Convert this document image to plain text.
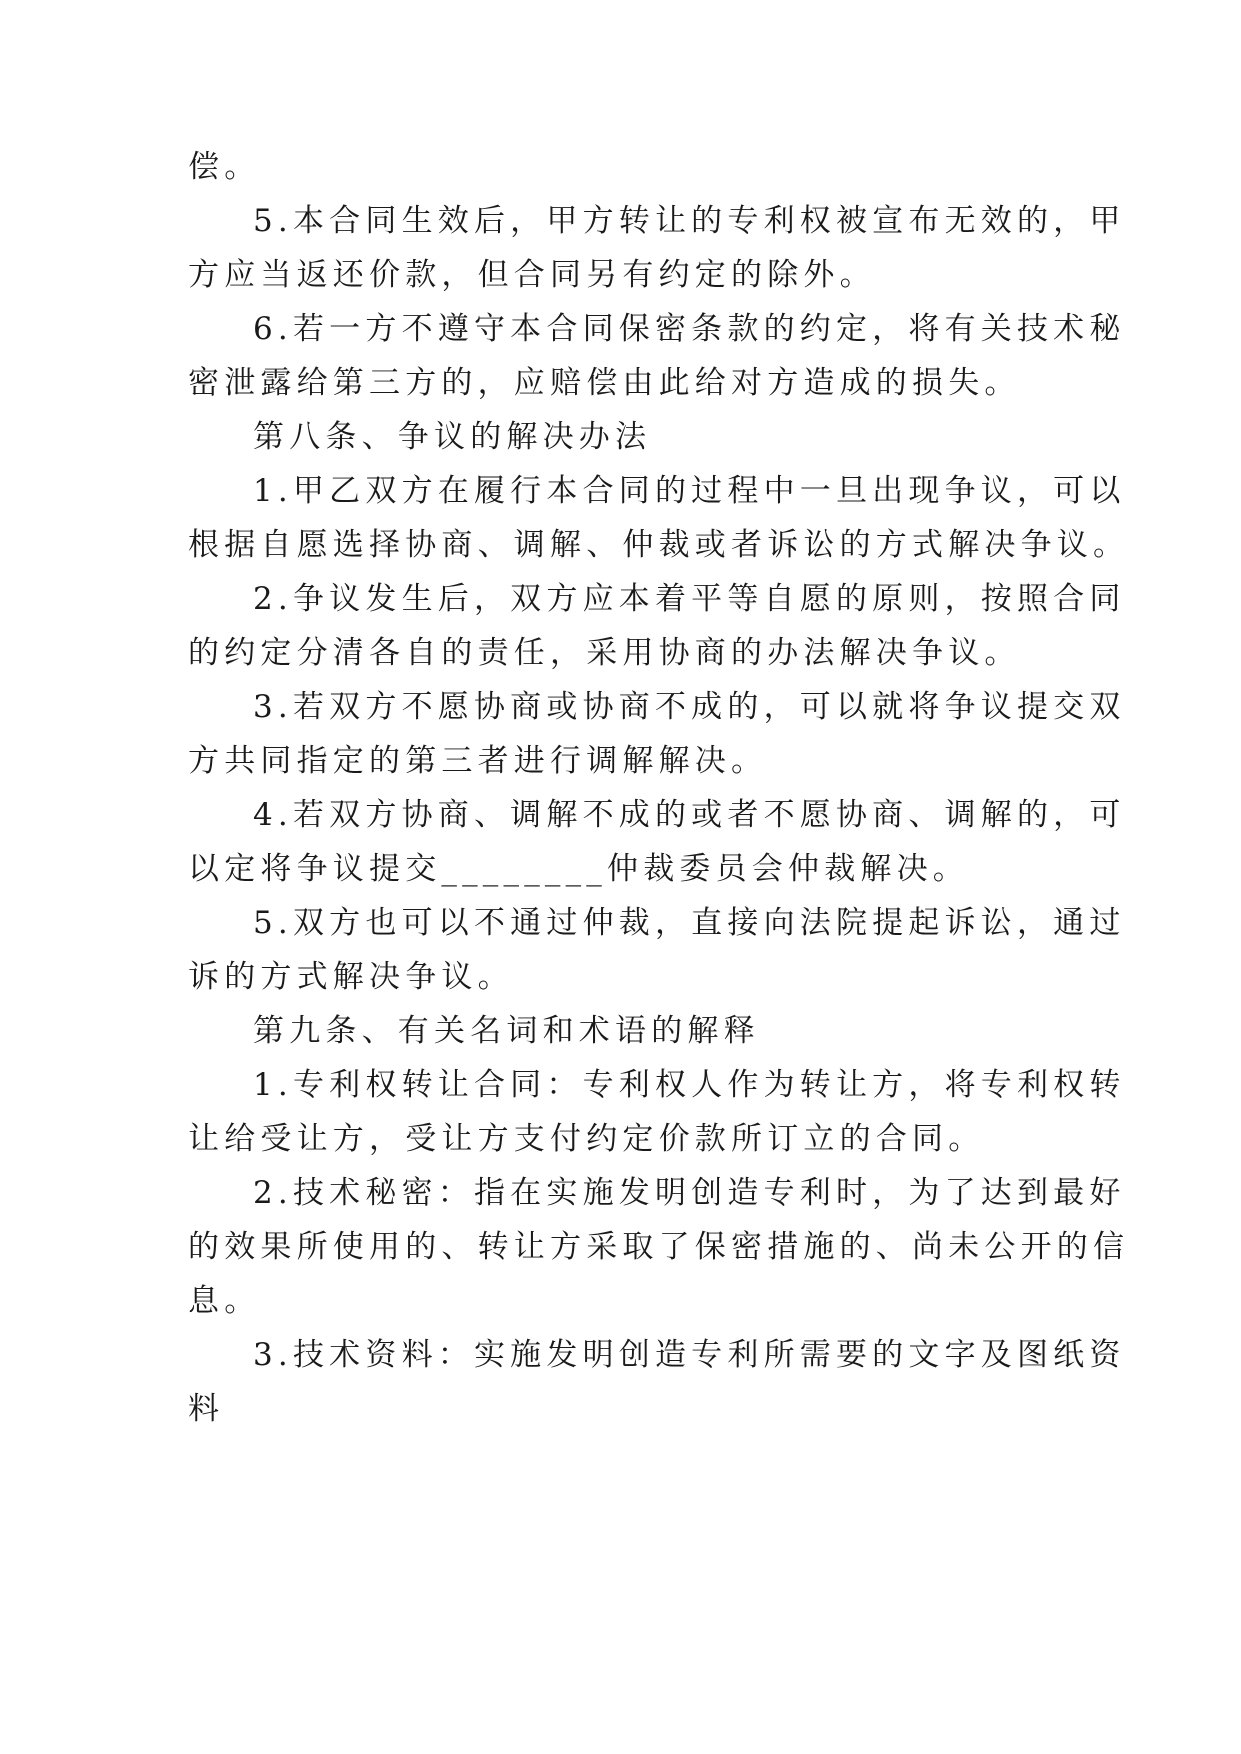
偿。
5.本合同生效后，甲方转让的专利权被宣布无效的，甲
方应当返还价款，但合同另有约定的除外。
6.若一方不遵守本合同保密条款的约定，将有关技术秘
密泄露给第三方的，应赔偿由此给对方造成的损失。
第八条、争议的解决办法
1.甲乙双方在履行本合同的过程中一旦出现争议，可以
根据自愿选择协商、调解、仲裁或者诉讼的方式解决争议。
2.争议发生后，双方应本着平等自愿的原则，按照合同
的约定分清各自的责任，采用协商的办法解决争议。
3.若双方不愿协商或协商不成的，可以就将争议提交双
方共同指定的第三者进行调解解决。
4.若双方协商、调解不成的或者不愿协商、调解的，可
以定将争议提交________仲裁委员会仲裁解决。
5.双方也可以不通过仲裁，直接向法院提起诉讼，通过
诉的方式解决争议。
第九条、有关名词和术语的解释
1.专利权转让合同：专利权人作为转让方，将专利权转
让给受让方，受让方支付约定价款所订立的合同。
2.技术秘密：指在实施发明创造专利时，为了达到最好
的效果所使用的、转让方采取了保密措施的、尚未公开的信
息。
3.技术资料：实施发明创造专利所需要的文字及图纸资
料
